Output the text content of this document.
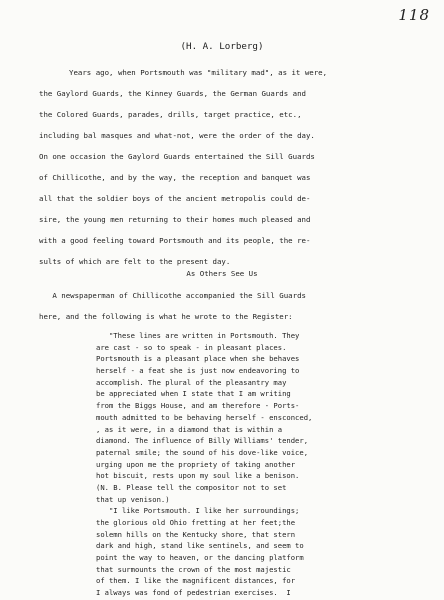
118
(H. A. Lorberg)
Years ago, when Portsmouth was "military mad", as it were,
the Gaylord Guards, the Kinney Guards, the German Guards and
the Colored Guards, parades, drills, target practice, etc.,
including bal masques and what-not, were the order of the day.
On one occasion the Gaylord Guards entertained the Sill Guards
of Chillicothe, and by the way, the reception and banquet was
all that the soldier boys of the ancient metropolis could de-
sire, the young men returning to their homes much pleased and
with a good feeling toward Portsmouth and its people, the re-
sults of which are felt to the present day.
As Others See Us
A newspaperman of Chillicothe accompanied the Sill Guards
here, and the following is what he wrote to the Register:
"These lines are written in Portsmouth. They
are cast - so to speak - in pleasant places.
Portsmouth is a pleasant place when she behaves
herself - a feat she is just now endeavoring to
accomplish. The plural of the pleasantry may
be appreciated when I state that I am writing
from the Biggs House, and am therefore - Ports-
mouth admitted to be behaving herself - ensconced,
, as it were, in a diamond that is within a
diamond. The influence of Billy Williams' tender,
paternal smile; the sound of his dove-like voice,
urging upon me the propriety of taking another
hot biscuit, rests upon my soul like a benison.
(N. B. Please tell the compositor not to set
that up venison.)
"I like Portsmouth. I like her surroundings;
the glorious old Ohio fretting at her feet;the
solemn hills on the Kentucky shore, that stern
dark and high, stand like sentinels, and seem to
point the way to heaven, or the dancing platform
that surmounts the crown of the most majestic
of them. I like the magnificent distances, for
I always was fond of pedestrian exercises.  I
